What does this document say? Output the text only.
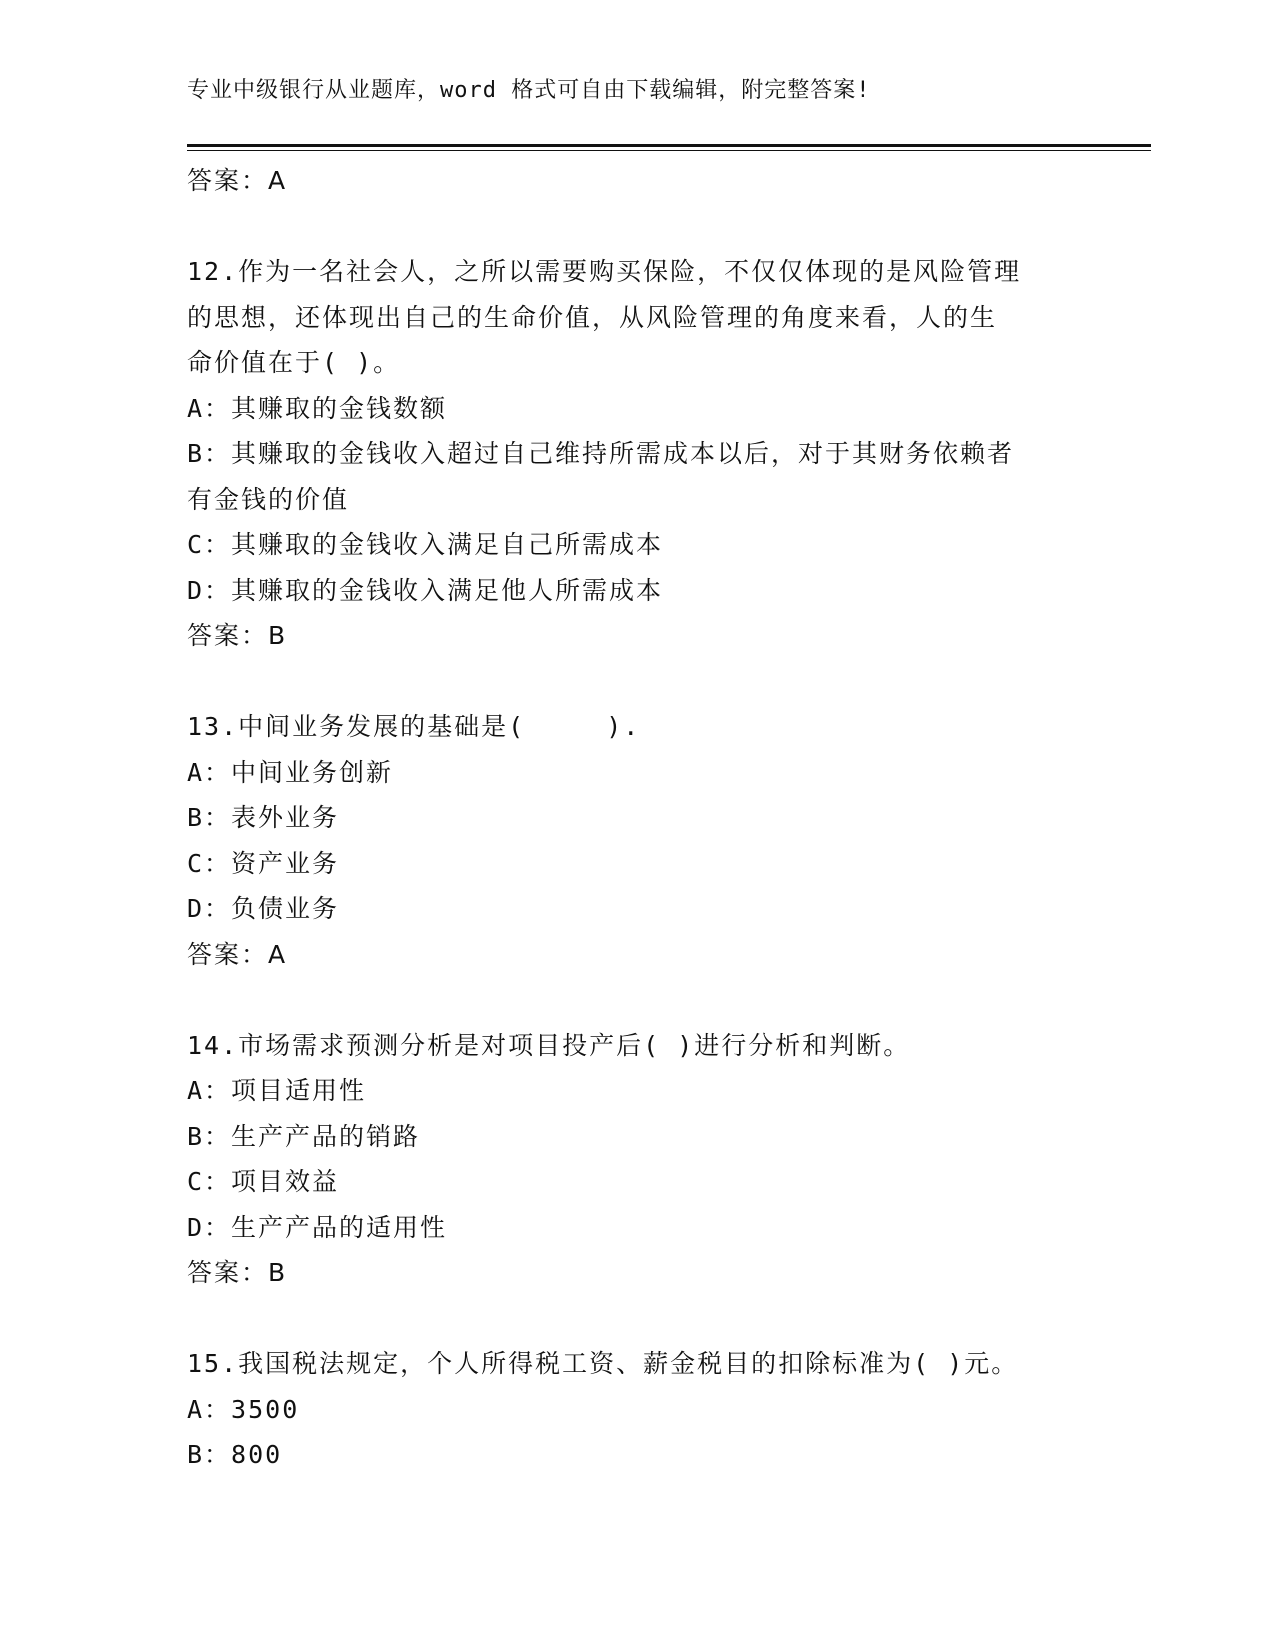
专业中级银行从业题库，word 格式可自由下载编辑，附完整答案!
答案：A
12.作为一名社会人，之所以需要购买保险，不仅仅体现的是风险管理
的思想，还体现出自己的生命价值，从风险管理的角度来看，人的生
命价值在于( )。
A：其赚取的金钱数额
B：其赚取的金钱收入超过自己维持所需成本以后，对于其财务依赖者
有金钱的价值
C：其赚取的金钱收入满足自己所需成本
D：其赚取的金钱收入满足他人所需成本
答案：B
13.中间业务发展的基础是(　　　).
A：中间业务创新
B：表外业务
C：资产业务
D：负债业务
答案：A
14.市场需求预测分析是对项目投产后( )进行分析和判断。
A：项目适用性
B：生产产品的销路
C：项目效益
D：生产产品的适用性
答案：B
15.我国税法规定，个人所得税工资、薪金税目的扣除标准为( )元。
A：3500
B：800
